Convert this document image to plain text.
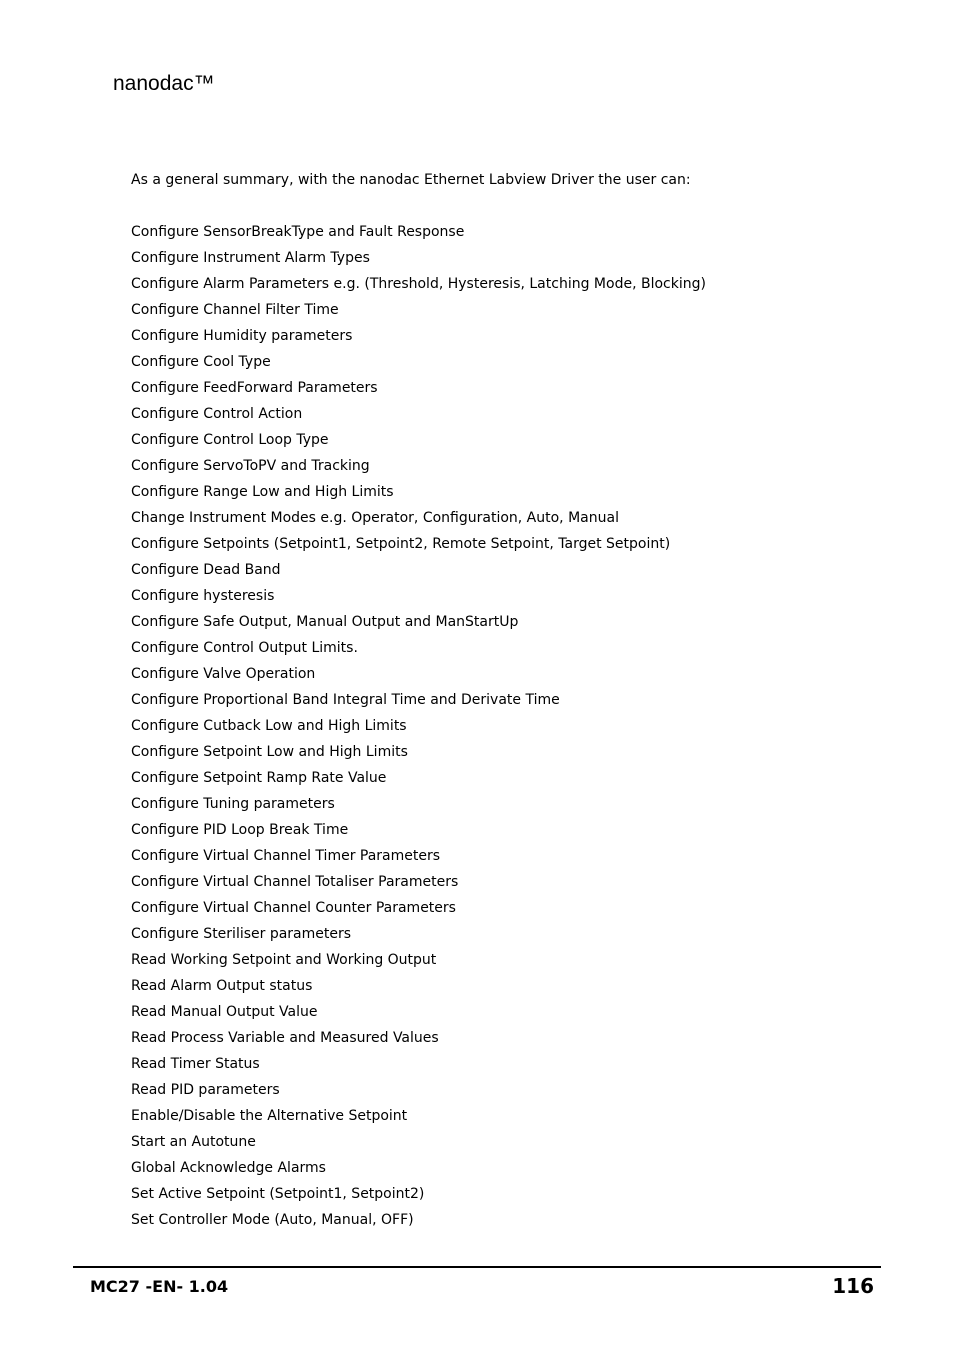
nanodac™
As a general summary, with the nanodac Ethernet Labview Driver the user can:
Configure SensorBreakType and Fault Response
Configure Instrument Alarm Types
Configure Alarm Parameters e.g. (Threshold, Hysteresis, Latching Mode, Blocking)
Configure Channel Filter Time
Configure Humidity parameters
Configure Cool Type
Configure FeedForward Parameters
Configure Control Action
Configure Control Loop Type
Configure ServoToPV and Tracking
Configure Range Low and High Limits
Change Instrument Modes e.g. Operator, Configuration, Auto, Manual
Configure Setpoints (Setpoint1, Setpoint2, Remote Setpoint, Target Setpoint)
Configure Dead Band
Configure hysteresis
Configure Safe Output, Manual Output and ManStartUp
Configure Control Output Limits.
Configure Valve Operation
Configure Proportional Band Integral Time and Derivate Time
Configure Cutback Low and High Limits
Configure Setpoint Low and High Limits
Configure Setpoint Ramp Rate Value
Configure Tuning parameters
Configure PID Loop Break Time
Configure Virtual Channel Timer Parameters
Configure Virtual Channel Totaliser Parameters
Configure Virtual Channel Counter Parameters
Configure Steriliser parameters
Read Working Setpoint and Working Output
Read Alarm Output status
Read Manual Output Value
Read Process Variable and Measured Values
Read Timer Status
Read PID parameters
Enable/Disable the Alternative Setpoint
Start an Autotune
Global Acknowledge Alarms
Set Active Setpoint (Setpoint1, Setpoint2)
Set Controller Mode (Auto, Manual, OFF)
MC27 -EN- 1.04	116
